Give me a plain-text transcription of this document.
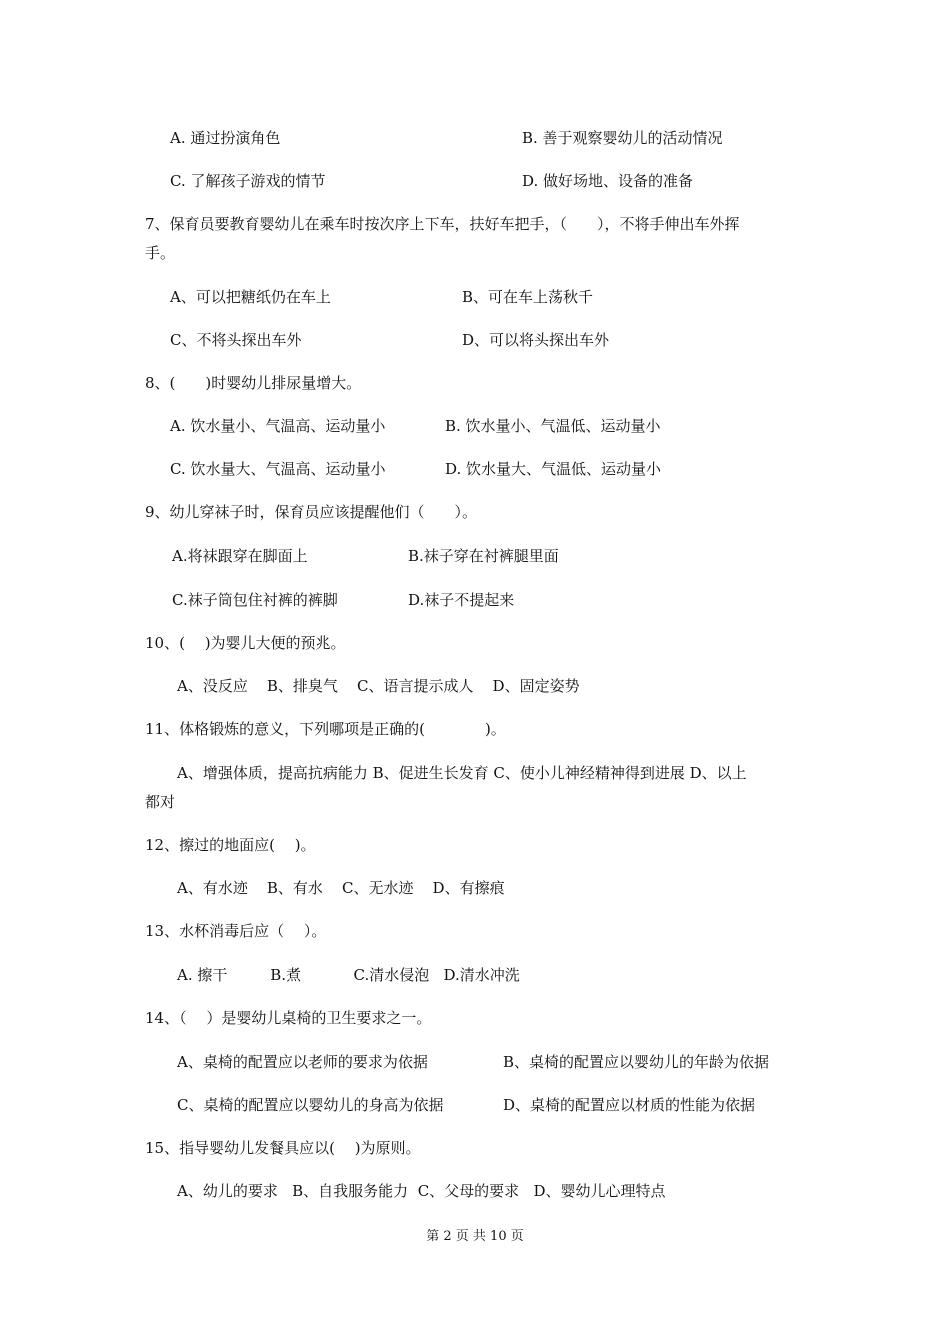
A. 通过扮演角色	B. 善于观察婴幼儿的活动情况
C. 了解孩子游戏的情节	D. 做好场地、设备的准备
7、保育员要教育婴幼儿在乘车时按次序上下车，扶好车把手，（　　），不将手伸出车外挥
手。
A、可以把糖纸仍在车上	B、可在车上荡秋千
C、不将头探出车外	D、可以将头探出车外
8、(　　)时婴幼儿排尿量增大。
A. 饮水量小、气温高、运动量小	B. 饮水量小、气温低、运动量小
C. 饮水量大、气温高、运动量小	D. 饮水量大、气温低、运动量小
9、幼儿穿袜子时，保育员应该提醒他们（　　）。
A.将袜跟穿在脚面上	B.袜子穿在衬裤腿里面
C.袜子筒包住衬裤的裤脚	D.袜子不提起来
10、(　 )为婴儿大便的预兆。
A、没反应    B、排臭气    C、语言提示成人    D、固定姿势
11、体格锻炼的意义，下列哪项是正确的(　　　　)。
A、增强体质，提高抗病能力 B、促进生长发育 C、使小儿神经精神得到进展 D、以上
都对
12、擦过的地面应(　 )。
A、有水迹    B、有水    C、无水迹    D、有擦痕
13、水杯消毒后应（　 ）。
A. 擦干         B.煮           C.清水侵泡   D.清水冲洗
14、（　 ）是婴幼儿桌椅的卫生要求之一。
A、桌椅的配置应以老师的要求为依据	B、桌椅的配置应以婴幼儿的年龄为依据
C、桌椅的配置应以婴幼儿的身高为依据	D、桌椅的配置应以材质的性能为依据
15、指导婴幼儿发餐具应以(　 )为原则。
A、幼儿的要求   B、自我服务能力  C、父母的要求   D、婴幼儿心理特点
第 2 页 共 10 页
